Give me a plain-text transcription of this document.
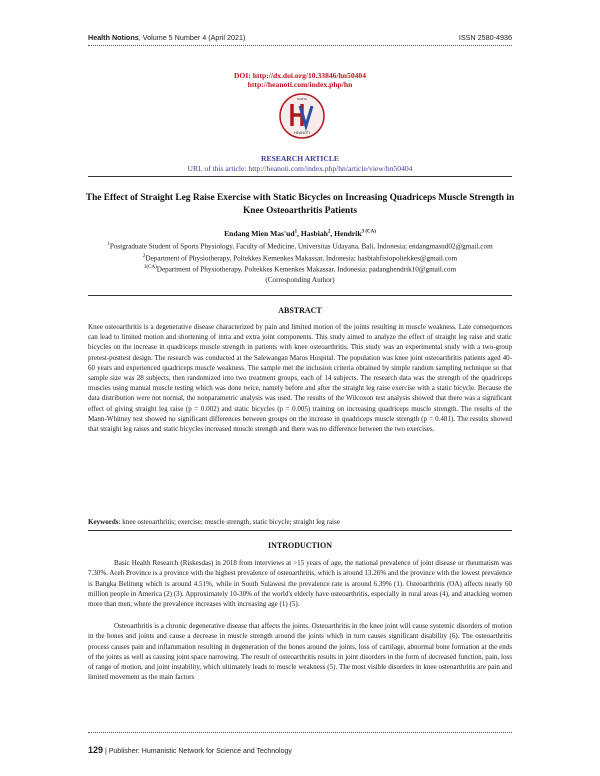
Health Notions, Volume 5 Number 4 (April 2021)	ISSN 2580-4936
DOI: http://dx.doi.org/10.33846/hn50404
http://heanoti.com/index.php/hn
HEANOTI
SURYA
RESEARCH ARTICLE
URL of this article: http://heanoti.com/index.php/hn/article/view/hn50404
The Effect of Straight Leg Raise Exercise with Static Bicycles on Increasing Quadriceps Muscle Strength in Knee Osteoarthritis Patients
Endang Mien $Mas'ud^1$, Hasbiah$^2$, Hendrik$^{3 (CA)}$
$^1$Postgraduate Student of Sports Physiology, Faculty of Medicine, Universitas Udayana, Bali, Indonesia; endangmasud02@gmail.com
$^2$Department of Physiotherapy, Poltekkes Kemenkes Makassar, Indonesia; hasbiahfisiopoltekkes@gmail.com
$^{3(CA)}$Department of Physiotherapy, Poltekkes Kemenkes Makassar, Indonesia; padanghendrik10@gmail.com
(Corresponding Author)
ABSTRACT

Knee osteoarthritis is a degenerative disease characterized by pain and limited motion of the joints resulting in muscle weakness. Late consequences can lead to limited motion and shortening of intra and extra joint components. This study aimed to analyze the effect of straight leg raise and static bicycles on the increase in quadriceps muscle strength in patients with knee osteoarthritis. This study was an experimental study with a two-group pretest-posttest design. The research was conducted at the Salewangan Maros Hospital. The population was knee joint osteoarthritis patients aged 40-60 years and experienced quadriceps muscle weakness. The sample met the inclusion criteria obtained by simple random sampling technique so that sample size was 28 subjects, then randomized into two treatment groups, each of 14 subjects. The research data was the strength of the quadriceps muscles using manual muscle testing which was done twice, namely before and after the straight leg raise exercise with a static bicycle. Because the data distribution were not normal, the nonparametric analysis was used. The results of the Wilcoxon test analysis showed that there was a significant effect of giving straight leg raise (p = 0.002) and static bicycles (p = 0.005) training on increasing quadriceps muscle strength. The results of the Mann-Whitney test showed no significant differences between groups on the increase in quadriceps muscle strength (p = 0.481). The results showed that straight leg raises and static bicycles increased muscle strength and there was no difference between the two exercises.

Keywords: knee osteoarthritis; exercise; muscle strength, static bicycle; straight leg raise
INTRODUCTION

Basic Health Research (Riskesdas) in 2018 from interviews at >15 years of age, the national prevalence of joint disease or rheumatism was 7.30%. Aceh Province is a province with the highest prevalence of osteoarthritis, which is around 13.26% and the province with the lowest prevalence is Bangka Belitung which is around 4.51%, while in South Sulawesi the prevalence rate is around 6.39% (1). Osteoarthritis (OA) affects nearly 60 million people in America (2) (3). Approximately 10-30% of the world's elderly have osteoarthritis, especially in rural areas (4), and attacking women more than men, where the prevalence increases with increasing age (1) (5).

Osteoarthritis is a chronic degenerative disease that affects the joints. Osteoarthritis in the knee joint will cause systemic disorders of motion in the bones and joints and cause a decrease in muscle strength around the joints which in turn causes significant disability (6). The osteoarthritis process causes pain and inflammation resulting in degeneration of the bones around the joints, loss of cartilage, abnormal bone formation at the ends of the joints as well as causing joint space narrowing. The result of osteoarthritis results in joint disorders in the form of decreased function, pain, loss of range of motion, and joint instability, which ultimately leads to muscle weakness (5). The most visible disorders in knee osteoarthritis are pain and limited movement as the main factors

129 | Publisher: Humanistic Network for Science and Technology
